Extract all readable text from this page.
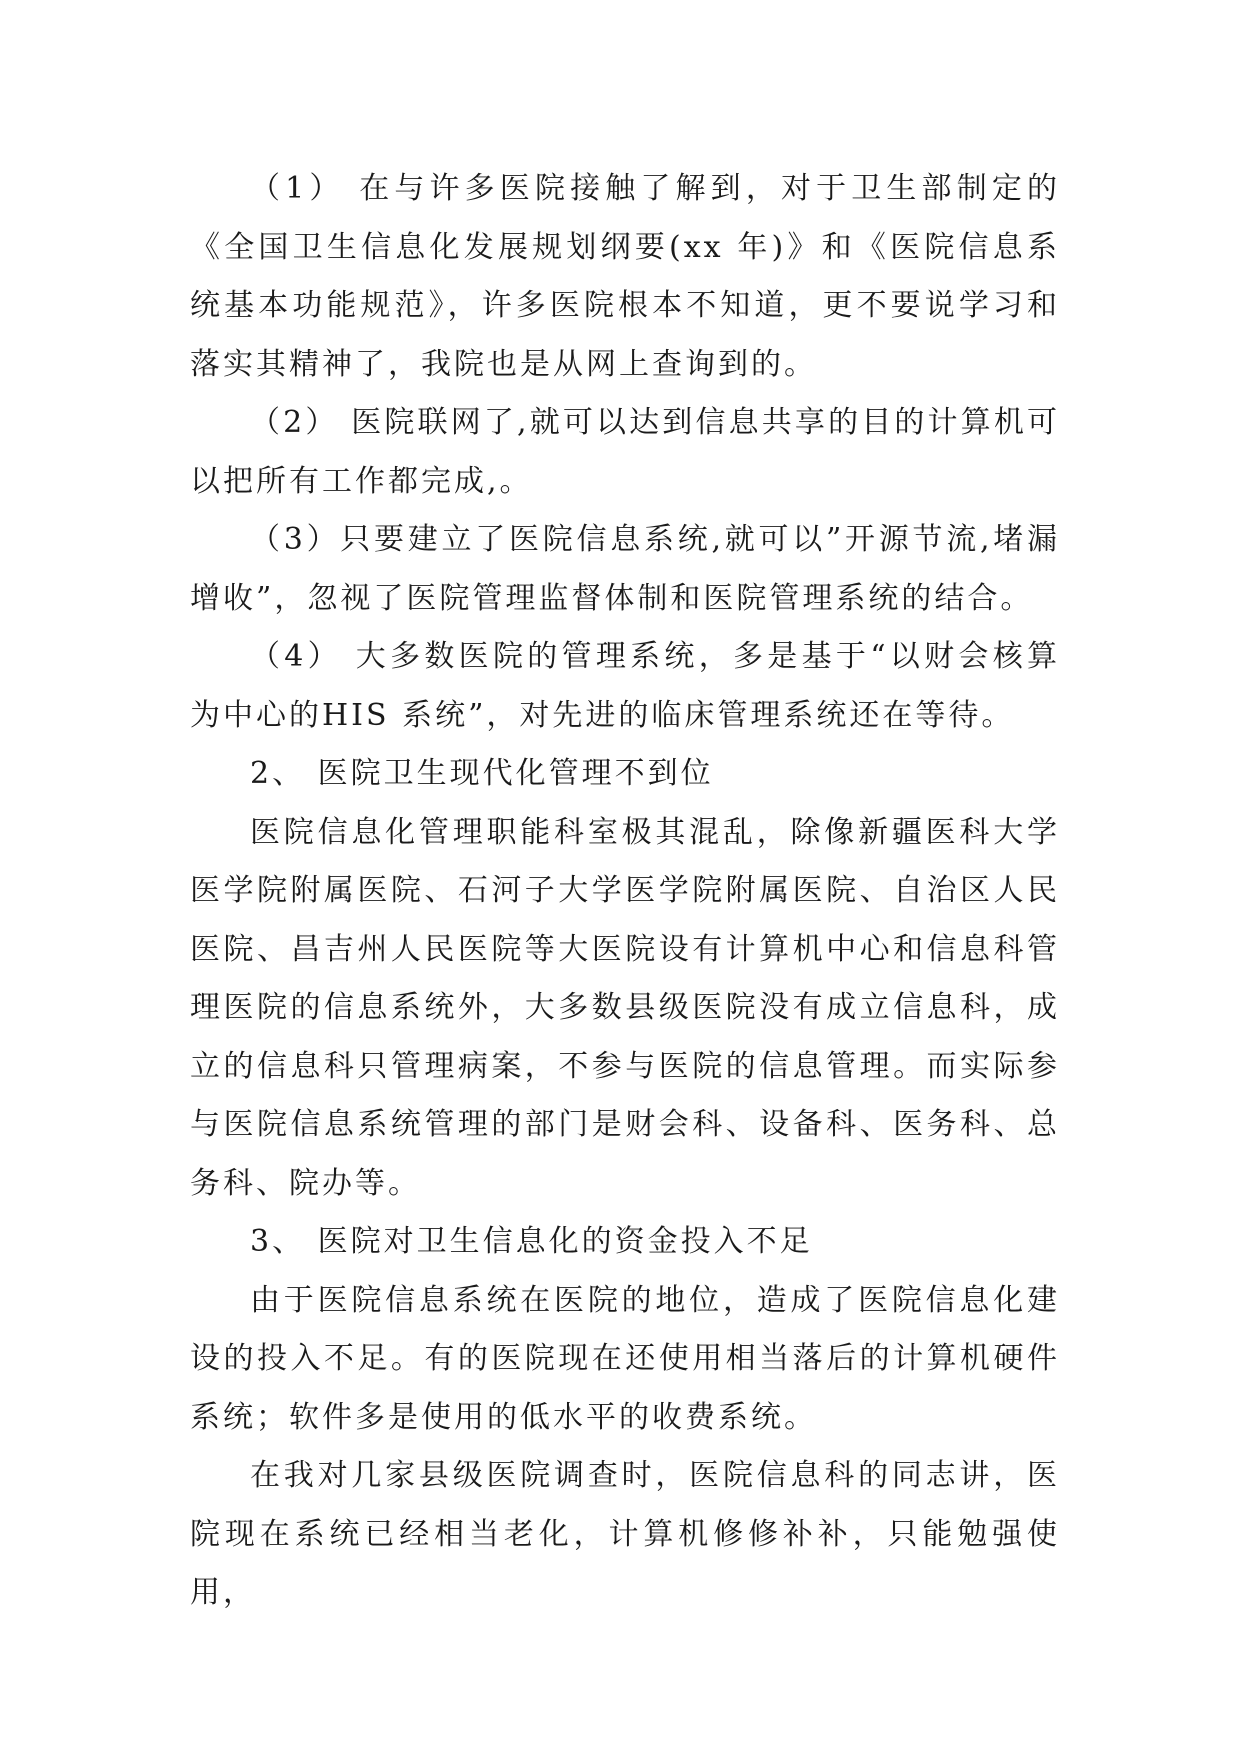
（1） 在与许多医院接触了解到，对于卫生部制定的《全国卫生信息化发展规划纲要(xx 年)》和《医院信息系统基本功能规范》，许多医院根本不知道，更不要说学习和落实其精神了，我院也是从网上查询到的。

（2） 医院联网了,就可以达到信息共享的目的计算机可以把所有工作都完成,。

（3）只要建立了医院信息系统,就可以”开源节流,堵漏增收”，忽视了医院管理监督体制和医院管理系统的结合。

（4） 大多数医院的管理系统，多是基于“以财会核算为中心的HIS 系统”，对先进的临床管理系统还在等待。

2、 医院卫生现代化管理不到位

医院信息化管理职能科室极其混乱，除像新疆医科大学医学院附属医院、石河子大学医学院附属医院、自治区人民医院、昌吉州人民医院等大医院设有计算机中心和信息科管理医院的信息系统外，大多数县级医院没有成立信息科，成立的信息科只管理病案，不参与医院的信息管理。而实际参与医院信息系统管理的部门是财会科、设备科、医务科、总务科、院办等。

3、 医院对卫生信息化的资金投入不足

由于医院信息系统在医院的地位，造成了医院信息化建设的投入不足。有的医院现在还使用相当落后的计算机硬件系统；软件多是使用的低水平的收费系统。

在我对几家县级医院调查时，医院信息科的同志讲，医院现在系统已经相当老化，计算机修修补补，只能勉强使用，
